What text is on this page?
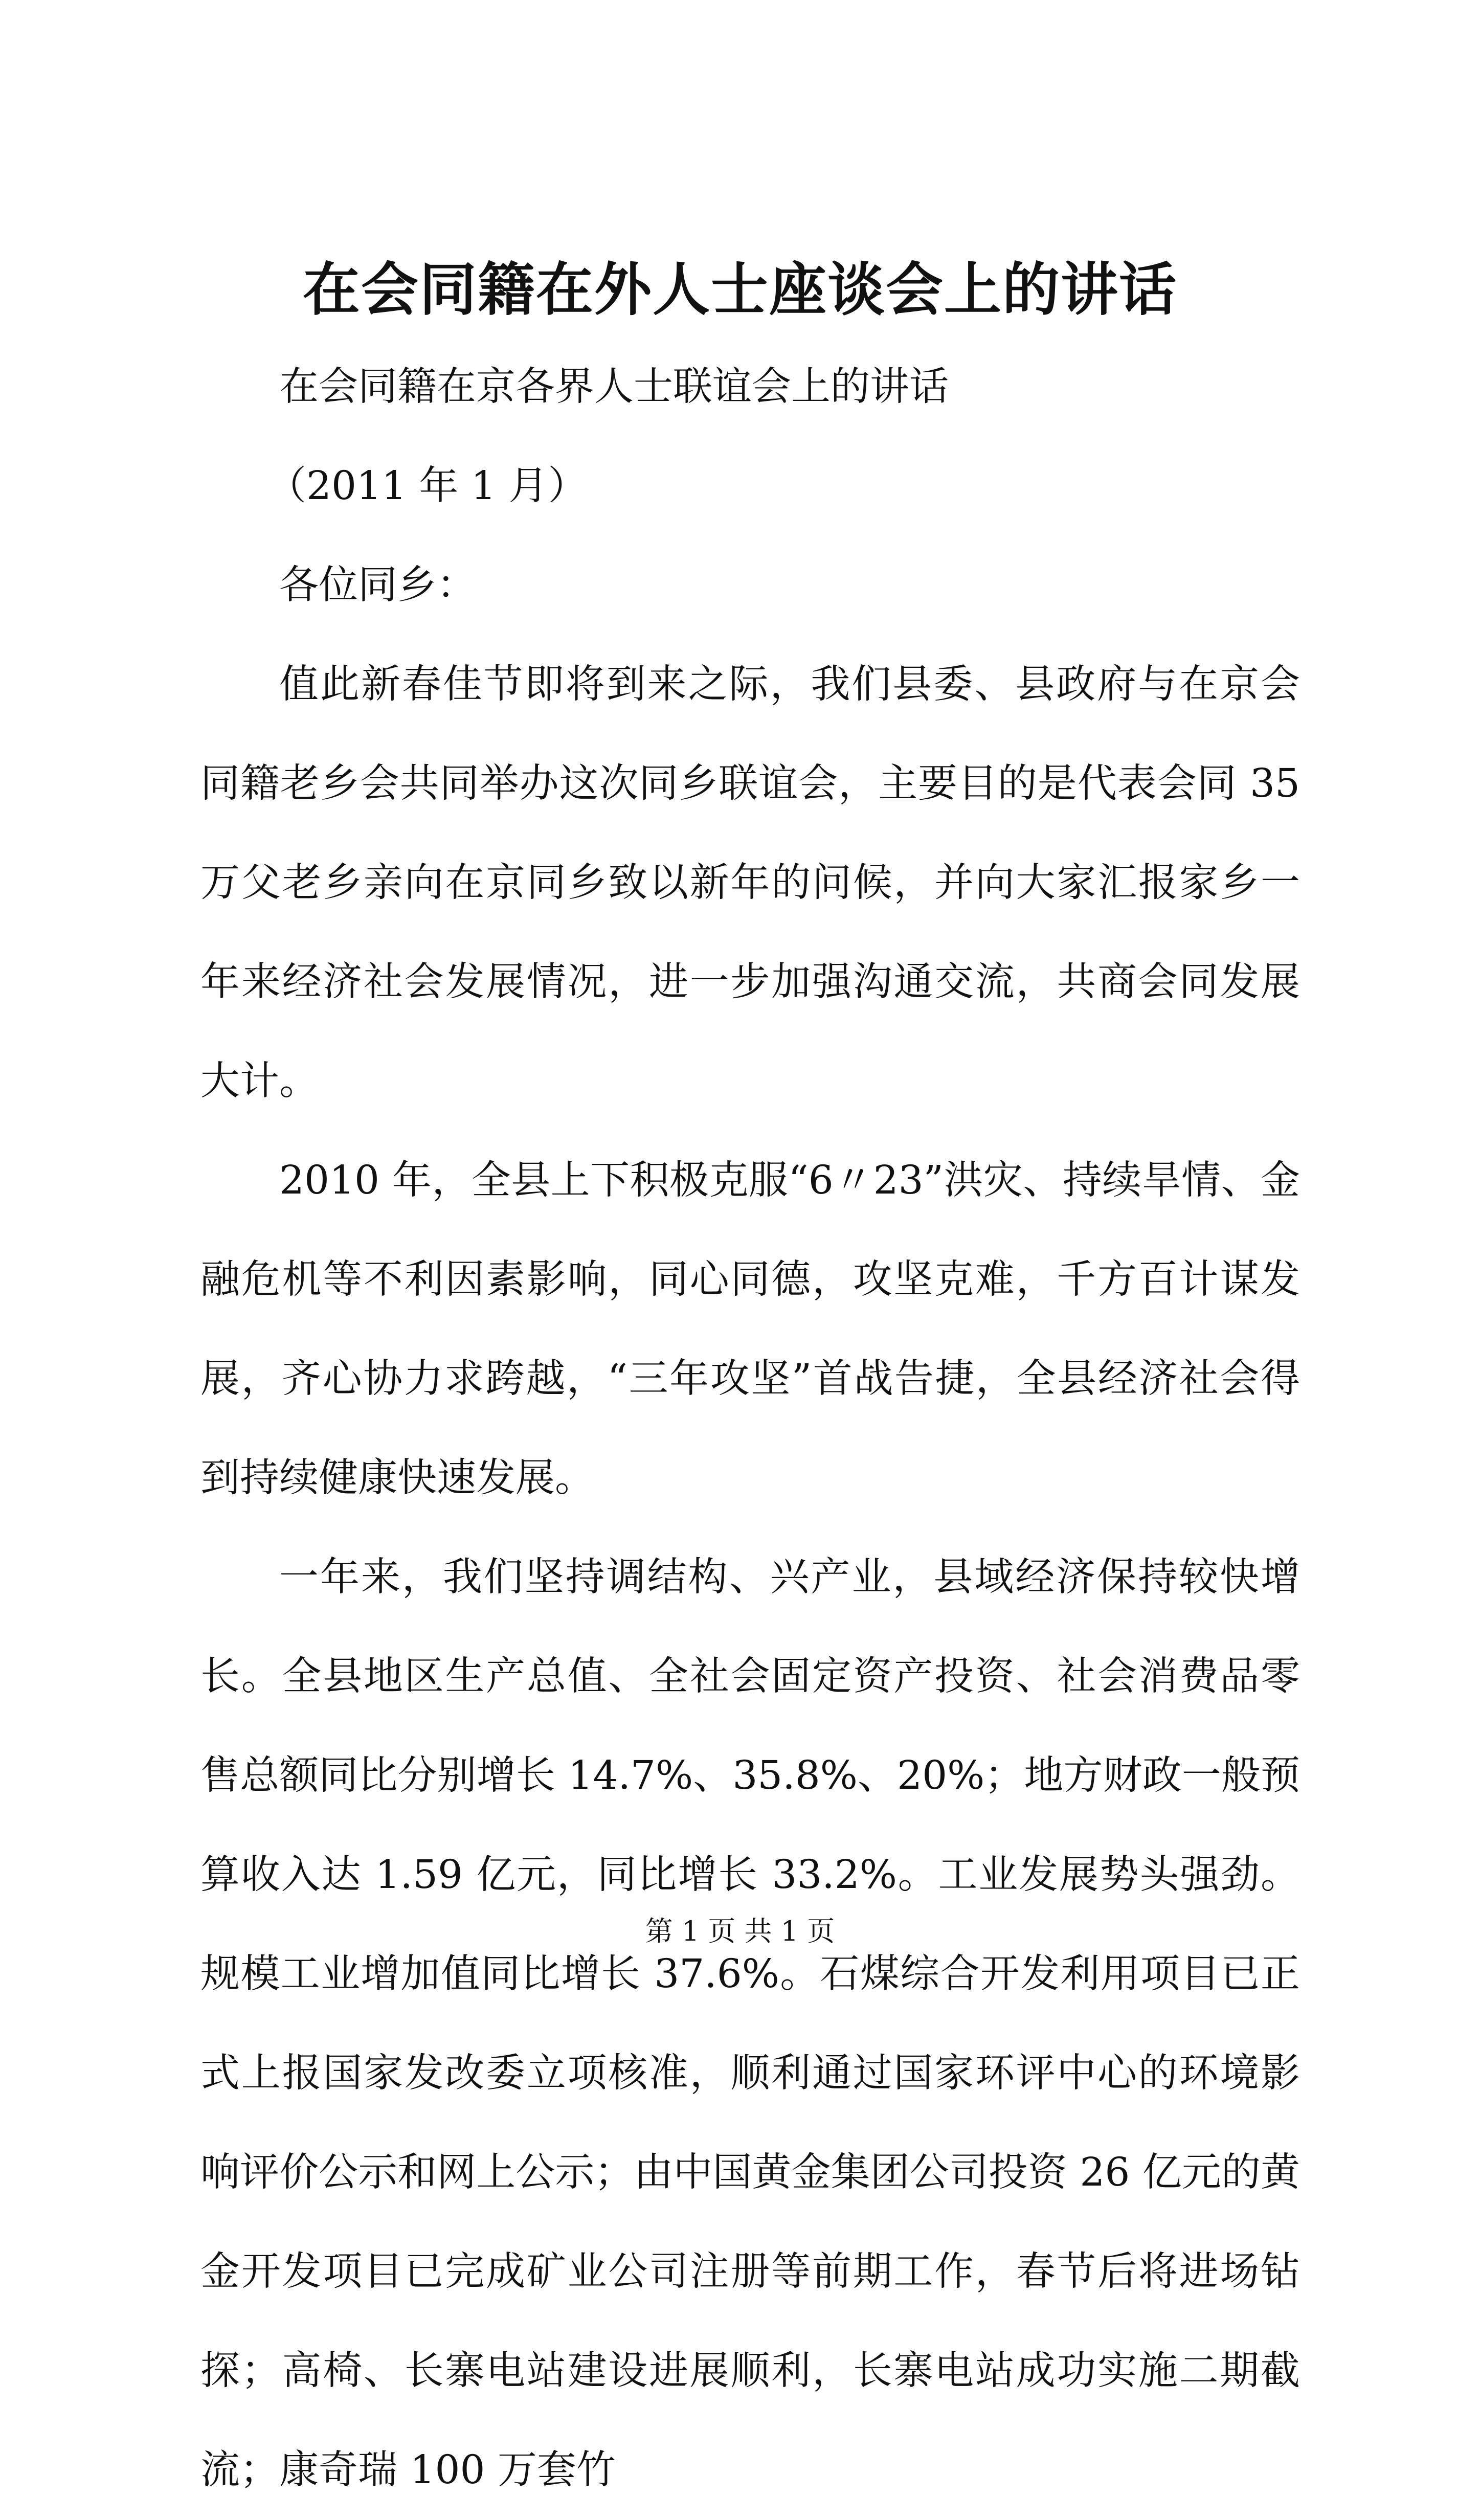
在会同籍在外人士座谈会上的讲话

在会同籍在京各界人士联谊会上的讲话

（2011 年 1 月）

各位同乡：

值此新春佳节即将到来之际，我们县委、县政府与在京会同籍老乡会共同举办这次同乡联谊会，主要目的是代表会同 35 万父老乡亲向在京同乡致以新年的问候，并向大家汇报家乡一年来经济社会发展情况，进一步加强沟通交流，共商会同发展大计。

2010 年，全县上下积极克服“6〃23”洪灾、持续旱情、金融危机等不利因素影响，同心同德，攻坚克难，千方百计谋发展，齐心协力求跨越，“三年攻坚”首战告捷，全县经济社会得到持续健康快速发展。

一年来，我们坚持调结构、兴产业，县域经济保持较快增长。全县地区生产总值、全社会固定资产投资、社会消费品零售总额同比分别增长 14.7%、35.8%、20%；地方财政一般预算收入达 1.59 亿元，同比增长 33.2%。工业发展势头强劲。规模工业增加值同比增长 37.6%。石煤综合开发利用项目已正式上报国家发改委立项核准，顺利通过国家环评中心的环境影响评价公示和网上公示；由中国黄金集团公司投资 26 亿元的黄金开发项目已完成矿业公司注册等前期工作，春节后将进场钻探；高椅、长寨电站建设进展顺利，长寨电站成功实施二期截流；康奇瑞 100 万套竹

第 1 页 共 1 页
